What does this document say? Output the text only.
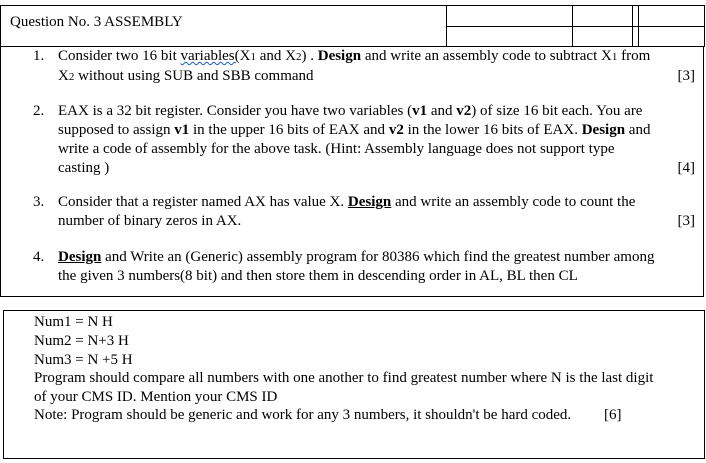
Question No. 3 ASSEMBLY
1. Consider two 16 bit variables(X1 and X2) . Design and write an assembly code to subtract X1 from
X2 without using SUB and SBB command	[3]
2. EAX is a 32 bit register. Consider you have two variables (v1 and v2) of size 16 bit each. You are
supposed to assign v1 in the upper 16 bits of EAX and v2 in the lower 16 bits of EAX. Design and
write a code of assembly for the above task. (Hint: Assembly language does not support type
casting )	[4]
3. Consider that a register named AX has value X. Design and write an assembly code to count the
number of binary zeros in AX.	[3]
4. Design and Write an (Generic) assembly program for 80386 which find the greatest number among
the given 3 numbers(8 bit) and then store them in descending order in AL, BL then CL
Num1 = N H
Num2 = N+3 H
Num3 = N +5 H
Program should compare all numbers with one another to find greatest number where N is the last digit
of your CMS ID. Mention your CMS ID
Note: Program should be generic and work for any 3 numbers, it shouldn't be hard coded. [6]
